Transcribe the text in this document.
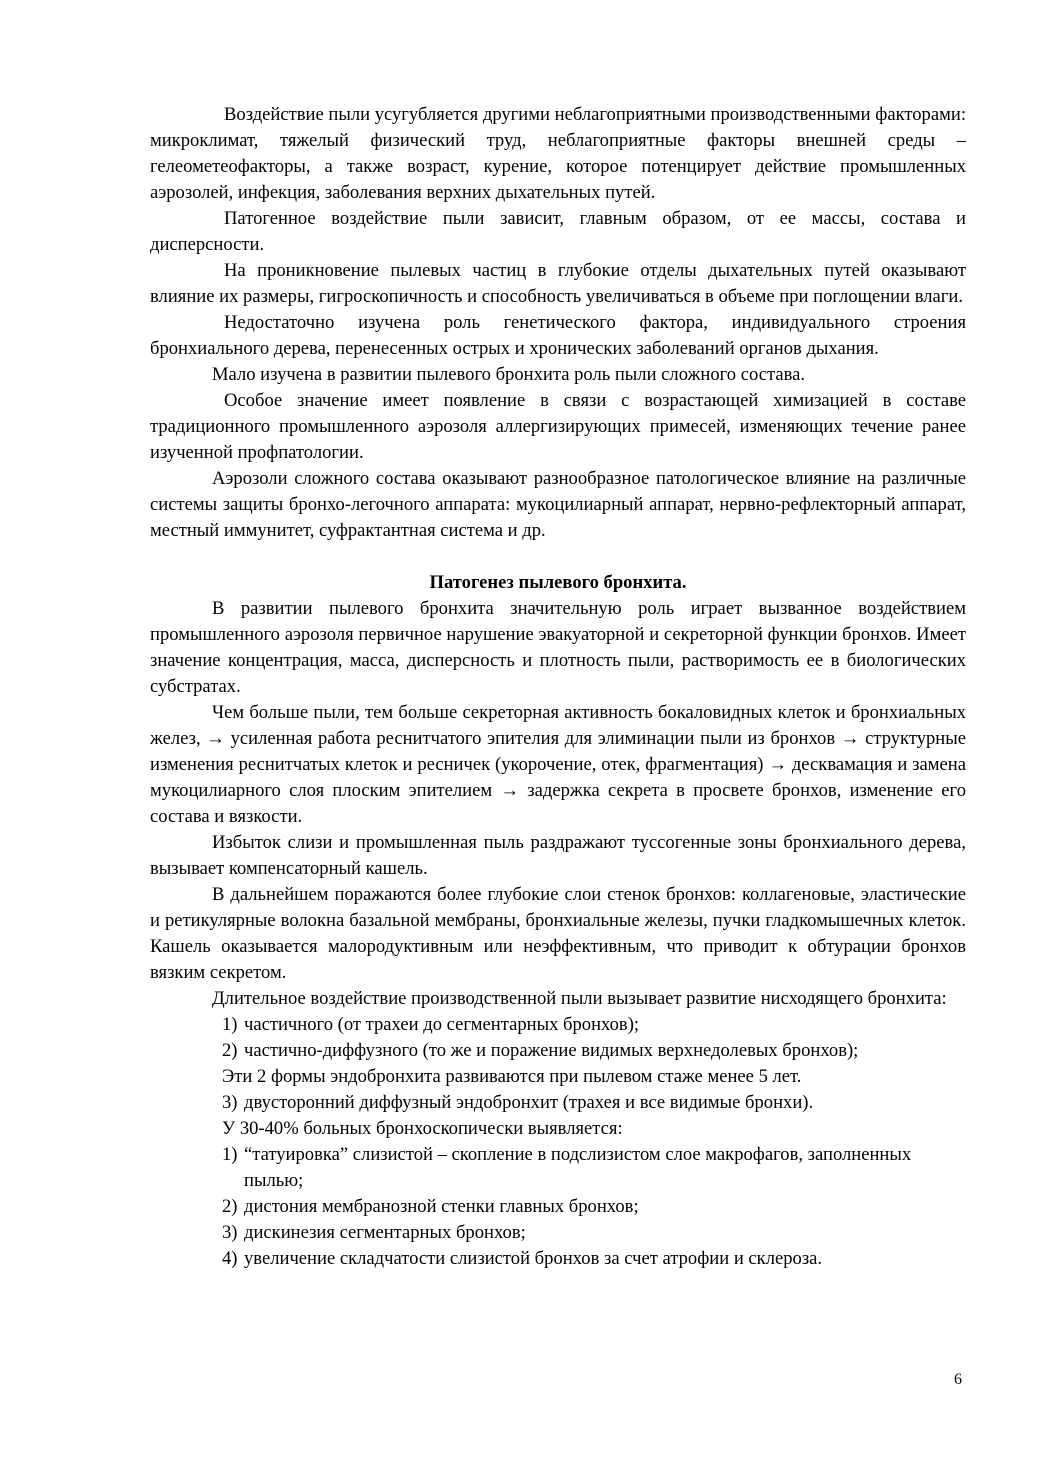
Воздействие пыли усугубляется другими неблагоприятными производственными факторами: микроклимат, тяжелый физический труд, неблагоприятные факторы внешней среды – гелеометеофакторы, а также возраст, курение, которое потенцирует действие промышленных аэрозолей, инфекция, заболевания верхних дыхательных путей.

Патогенное воздействие пыли зависит, главным образом, от ее массы, состава и дисперсности.

На проникновение пылевых частиц в глубокие отделы дыхательных путей оказывают влияние их размеры, гигроскопичность и способность увеличиваться в объеме при поглощении влаги.

Недостаточно изучена роль генетического фактора, индивидуального строения бронхиального дерева, перенесенных острых и хронических заболеваний органов дыхания.

Мало изучена в развитии пылевого бронхита роль пыли сложного состава.

Особое значение имеет появление в связи с возрастающей химизацией в составе традиционного промышленного аэрозоля аллергизирующих примесей, изменяющих течение ранее изученной профпатологии.

Аэрозоли сложного состава оказывают разнообразное патологическое влияние на различные системы защиты бронхо-легочного аппарата: мукоцилиарный аппарат, нервно-рефлекторный аппарат, местный иммунитет, суфрактантная система и др.

Патогенез пылевого бронхита.

В развитии пылевого бронхита значительную роль играет вызванное воздействием промышленного аэрозоля первичное нарушение эвакуаторной и секреторной функции бронхов. Имеет значение концентрация, масса, дисперсность и плотность пыли, растворимость ее в биологических субстратах.

Чем больше пыли, тем больше секреторная активность бокаловидных клеток и бронхиальных желез, → усиленная работа реснитчатого эпителия для элиминации пыли из бронхов → структурные изменения реснитчатых клеток и ресничек (укорочение, отек, фрагментация) → десквамация и замена мукоцилиарного слоя плоским эпителием → задержка секрета в просвете бронхов, изменение его состава и вязкости.

Избыток слизи и промышленная пыль раздражают туссогенные зоны бронхиального дерева, вызывает компенсаторный кашель.

В дальнейшем поражаются более глубокие слои стенок бронхов: коллагеновые, эластические и ретикулярные волокна базальной мембраны, бронхиальные железы, пучки гладкомышечных клеток. Кашель оказывается малородуктивным или неэффективным, что приводит к обтурации бронхов вязким секретом.

Длительное воздействие производственной пыли вызывает развитие нисходящего бронхита:

1) частичного (от трахеи до сегментарных бронхов);
2) частично-диффузного (то же и поражение видимых верхнедолевых бронхов);

Эти 2 формы эндобронхита развиваются при пылевом стаже менее 5 лет.

3) двусторонний диффузный эндобронхит (трахея и все видимые бронхи).

У 30-40% больных бронхоскопически выявляется:

1) “татуировка” слизистой – скопление в подслизистом слое макрофагов, заполненных пылью;
2) дистония мембранозной стенки главных бронхов;
3) дискинезия сегментарных бронхов;
4) увеличение складчатости слизистой бронхов за счет атрофии и склероза.
6
